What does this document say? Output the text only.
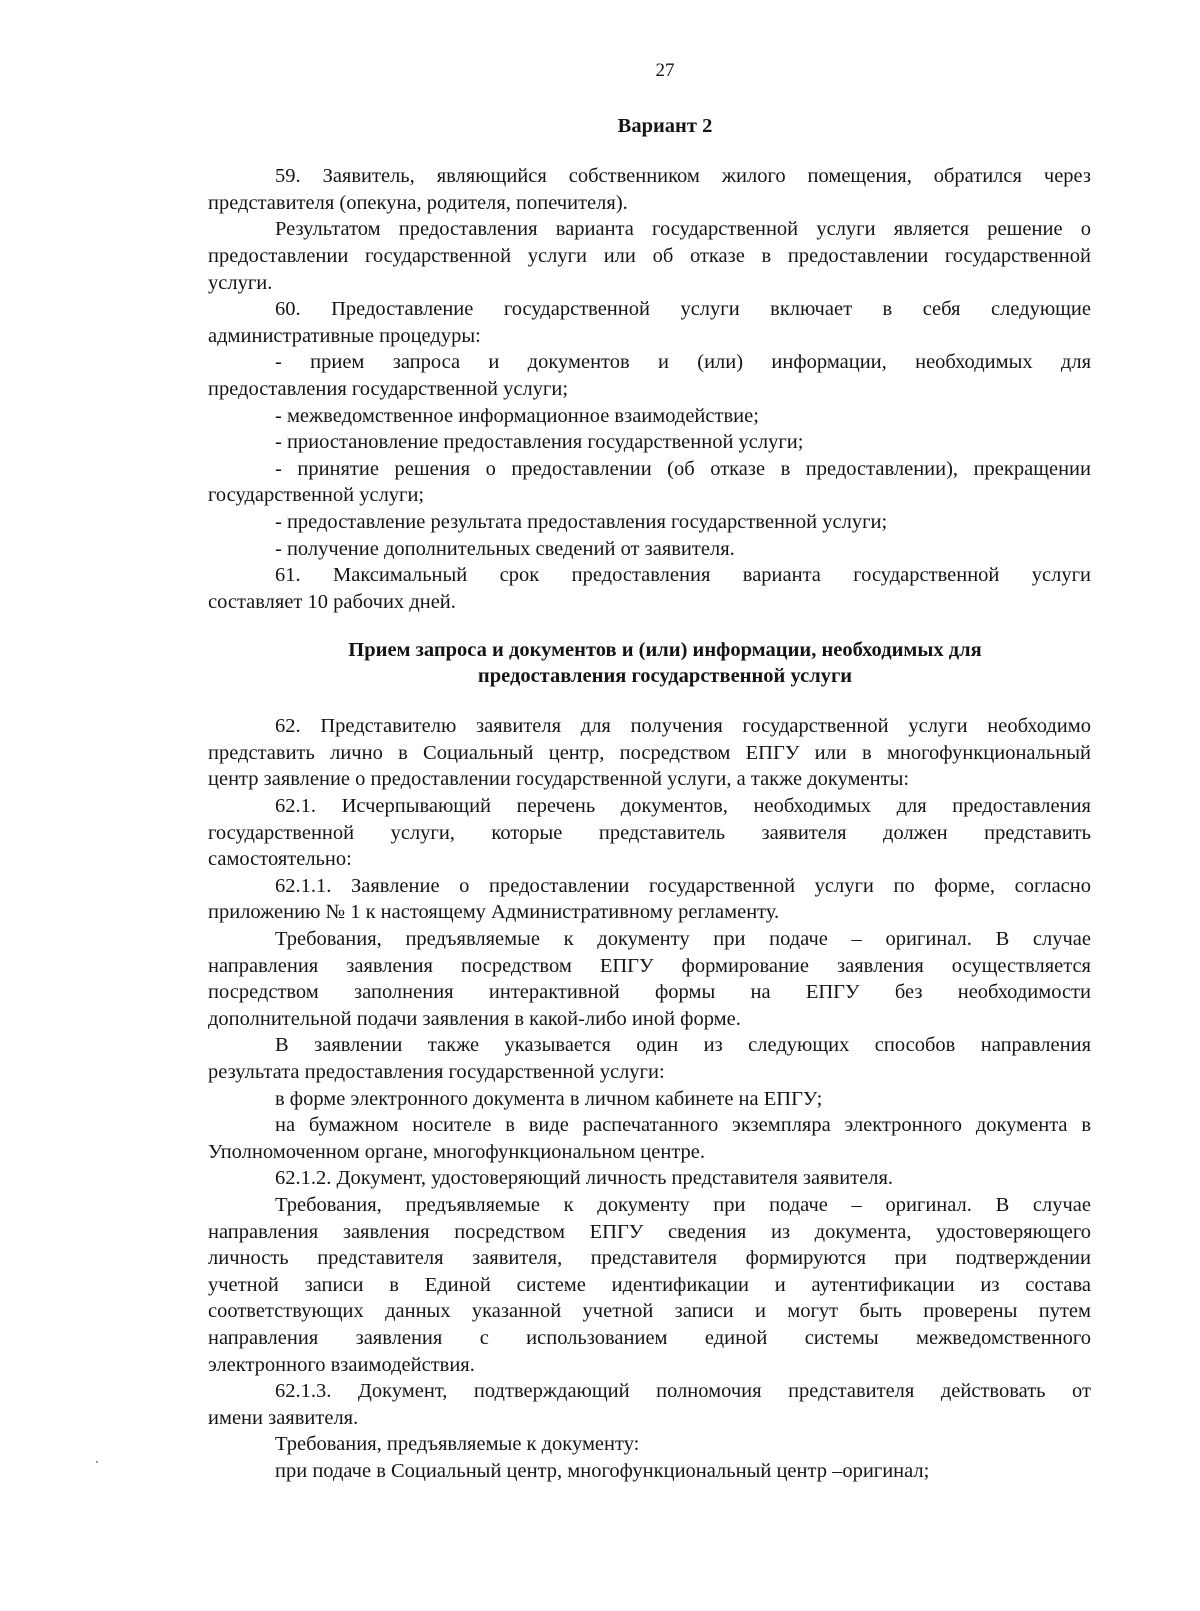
27
Вариант 2
59. Заявитель, являющийся собственником жилого помещения, обратился через
представителя (опекуна, родителя, попечителя).
Результатом предоставления варианта государственной услуги является решение о
предоставлении государственной услуги или об отказе в предоставлении государственной
услуги.
60. Предоставление государственной услуги включает в себя следующие
административные процедуры:
- прием запроса и документов и (или) информации, необходимых для
предоставления государственной услуги;
- межведомственное информационное взаимодействие;
- приостановление предоставления государственной услуги;
- принятие решения о предоставлении (об отказе в предоставлении), прекращении
государственной услуги;
- предоставление результата предоставления государственной услуги;
- получение дополнительных сведений от заявителя.
61. Максимальный срок предоставления варианта государственной услуги
составляет 10 рабочих дней.
Прием запроса и документов и (или) информации, необходимых для
предоставления государственной услуги
62. Представителю заявителя для получения государственной услуги необходимо
представить лично в Социальный центр, посредством ЕПГУ или в многофункциональный
центр заявление о предоставлении государственной услуги, а также документы:
62.1. Исчерпывающий перечень документов, необходимых для предоставления
государственной услуги, которые представитель заявителя должен представить
самостоятельно:
62.1.1. Заявление о предоставлении государственной услуги по форме, согласно
приложению № 1 к настоящему Административному регламенту.
Требования, предъявляемые к документу при подаче – оригинал. В случае
направления заявления посредством ЕПГУ формирование заявления осуществляется
посредством заполнения интерактивной формы на ЕПГУ без необходимости
дополнительной подачи заявления в какой-либо иной форме.
В заявлении также указывается один из следующих способов направления
результата предоставления государственной услуги:
в форме электронного документа в личном кабинете на ЕПГУ;
на бумажном носителе в виде распечатанного экземпляра электронного документа в
Уполномоченном органе, многофункциональном центре.
62.1.2. Документ, удостоверяющий личность представителя заявителя.
Требования, предъявляемые к документу при подаче – оригинал. В случае
направления заявления посредством ЕПГУ сведения из документа, удостоверяющего
личность представителя заявителя, представителя формируются при подтверждении
учетной записи в Единой системе идентификации и аутентификации из состава
соответствующих данных указанной учетной записи и могут быть проверены путем
направления заявления с использованием единой системы межведомственного
электронного взаимодействия.
62.1.3. Документ, подтверждающий полномочия представителя действовать от
имени заявителя.
Требования, предъявляемые к документу:
при подаче в Социальный центр, многофункциональный центр –оригинал;
